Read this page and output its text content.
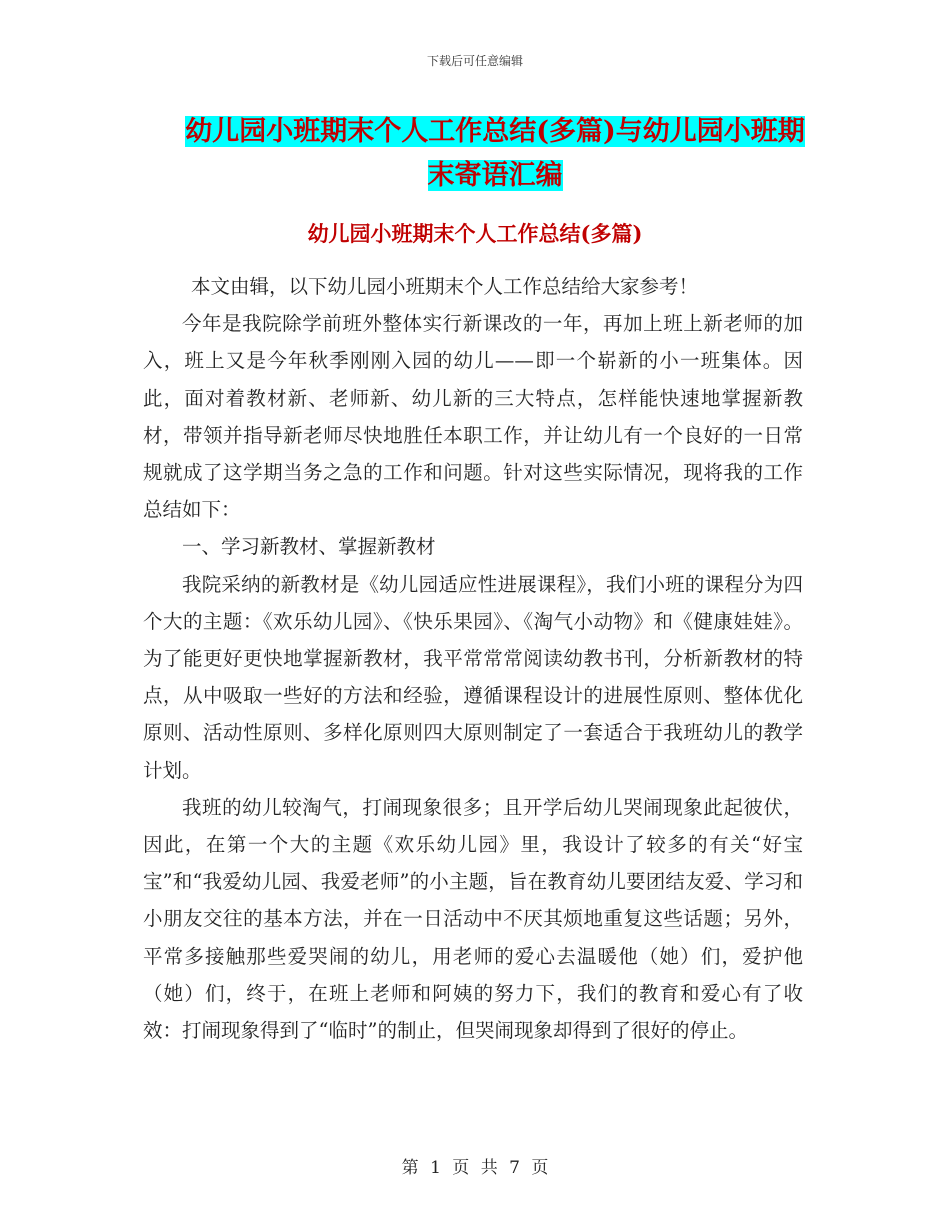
下载后可任意编辑
幼儿园小班期末个人工作总结(多篇)与幼儿园小班期
末寄语汇编
幼儿园小班期末个人工作总结(多篇)

本文由辑，以下幼儿园小班期末个人工作总结给大家参考！

今年是我院除学前班外整体实行新课改的一年，再加上班上新老师的加入，班上又是今年秋季刚刚入园的幼儿——即一个崭新的小一班集体。因此，面对着教材新、老师新、幼儿新的三大特点，怎样能快速地掌握新教材，带领并指导新老师尽快地胜任本职工作，并让幼儿有一个良好的一日常规就成了这学期当务之急的工作和问题。针对这些实际情况，现将我的工作总结如下：

一、学习新教材、掌握新教材

我院采纳的新教材是《幼儿园适应性进展课程》，我们小班的课程分为四个大的主题：《欢乐幼儿园》、《快乐果园》、《淘气小动物》和《健康娃娃》。为了能更好更快地掌握新教材，我平常常常阅读幼教书刊，分析新教材的特点，从中吸取一些好的方法和经验，遵循课程设计的进展性原则、整体优化原则、活动性原则、多样化原则四大原则制定了一套适合于我班幼儿的教学计划。

我班的幼儿较淘气，打闹现象很多；且开学后幼儿哭闹现象此起彼伏，因此，在第一个大的主题《欢乐幼儿园》里，我设计了较多的有关“好宝宝”和“我爱幼儿园、我爱老师”的小主题，旨在教育幼儿要团结友爱、学习和小朋友交往的基本方法，并在一日活动中不厌其烦地重复这些话题；另外，平常多接触那些爱哭闹的幼儿，用老师的爱心去温暖他（她）们，爱护他（她）们，终于，在班上老师和阿姨的努力下，我们的教育和爱心有了收效：打闹现象得到了“临时”的制止，但哭闹现象却得到了很好的停止。

第 1 页 共 7 页
